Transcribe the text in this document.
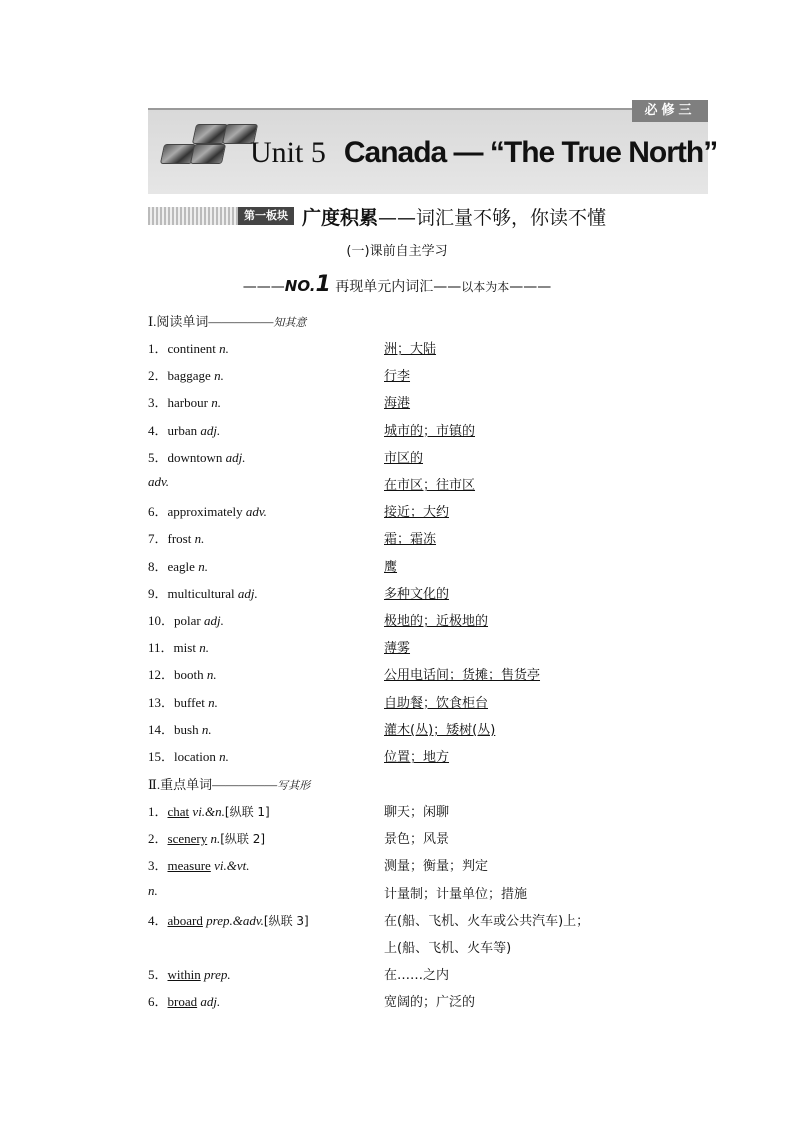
必修三
Unit 5 Canada — “The True North”
第一板块 广度积累——词汇量不够，你读不懂
(一)课前自主学习
———NO.1 再现单元内词汇——以本为本———
Ⅰ.阅读单词—————知其意
1．continent n.	洲；大陆
2．baggage n.	行李
3．harbour n.	海港
4．urban adj.	城市的；市镇的
5．downtown adj.	市区的
adv.	在市区；往市区
6．approximately adv.	接近；大约
7．frost n.	霜；霜冻
8．eagle n.	鹰
9．multicultural adj.	多种文化的
10．polar adj.	极地的；近极地的
11．mist n.	薄雾
12．booth n.	公用电话间；货摊；售货亭
13．buffet n.	自助餐；饮食柜台
14．bush n.	灌木(丛)；矮树(丛)
15．location n.	位置；地方
Ⅱ.重点单词—————写其形
1．chat vi.&n.[纵联 1]	聊天；闲聊
2．scenery n.[纵联 2]	景色；风景
3．measure vi.&vt.	测量；衡量；判定
n.	计量制；计量单位；措施
4．aboard prep.&adv.[纵联 3]	在(船、飞机、火车或公共汽车)上；
上(船、飞机、火车等)
5．within prep.	在……之内
6．broad adj.	宽阔的；广泛的
